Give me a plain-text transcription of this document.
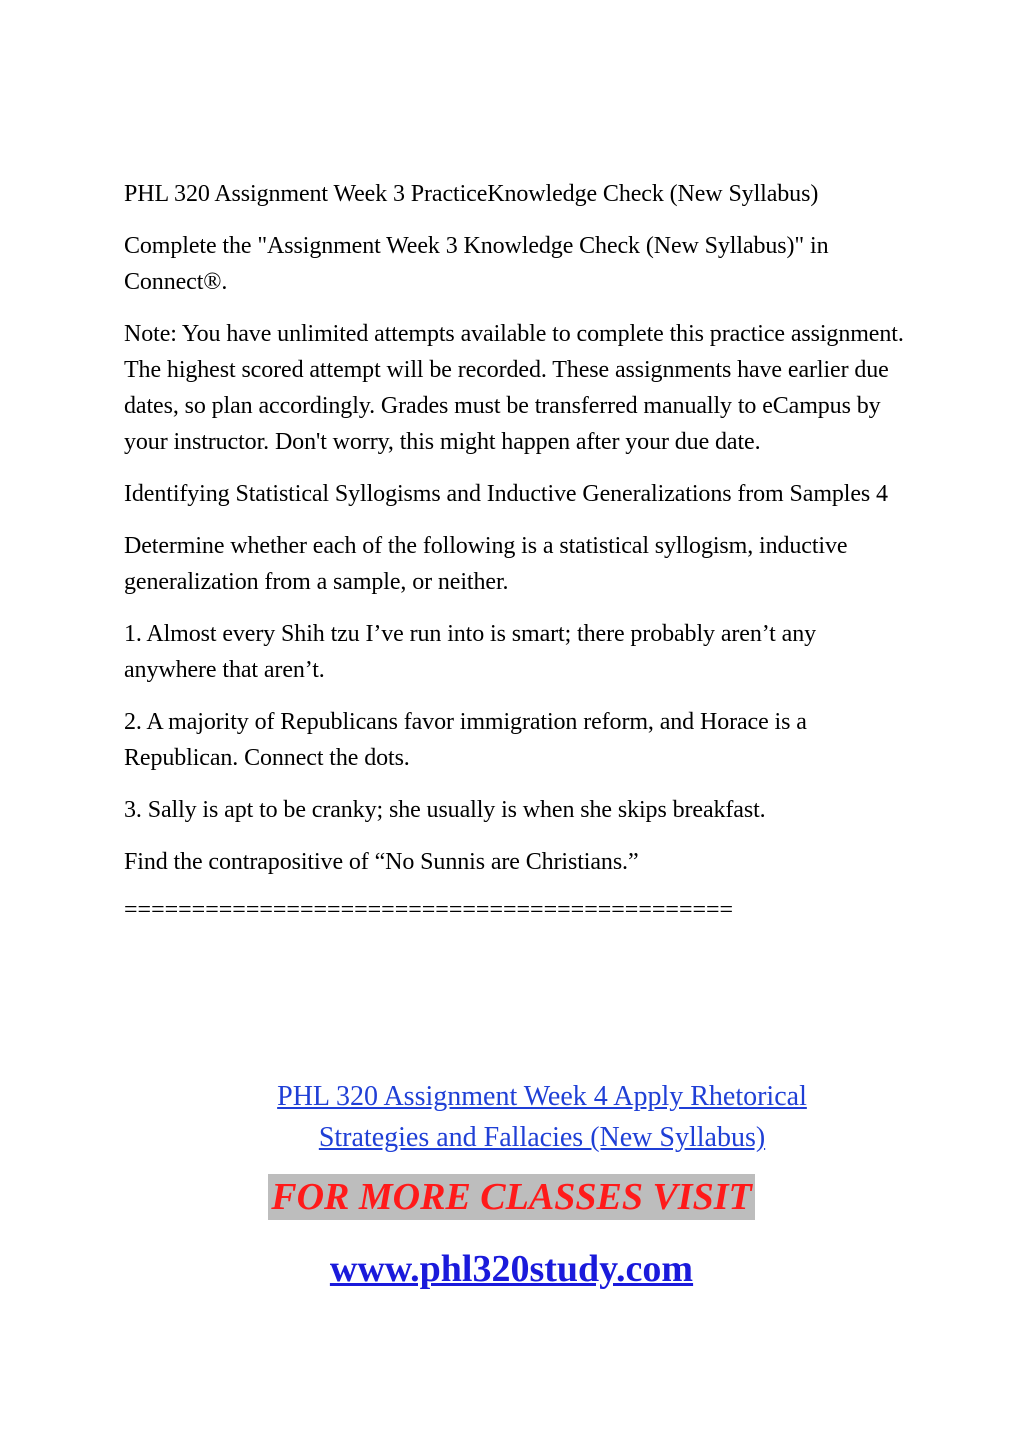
PHL 320 Assignment Week 3 PracticeKnowledge Check (New Syllabus)

Complete the "Assignment Week 3 Knowledge Check (New Syllabus)" in Connect®.

Note: You have unlimited attempts available to complete this practice assignment. The highest scored attempt will be recorded. These assignments have earlier due dates, so plan accordingly. Grades must be transferred manually to eCampus by your instructor. Don't worry, this might happen after your due date.

Identifying Statistical Syllogisms and Inductive Generalizations from Samples 4

Determine whether each of the following is a statistical syllogism, inductive generalization from a sample, or neither.

1. Almost every Shih tzu I’ve run into is smart; there probably aren’t any anywhere that aren’t.

2. A majority of Republicans favor immigration reform, and Horace is a Republican. Connect the dots.

3. Sally is apt to be cranky; she usually is when she skips breakfast.

Find the contrapositive of “No Sunnis are Christians.”

=============================================

PHL 320 Assignment Week 4 Apply Rhetorical Strategies and Fallacies (New Syllabus)
FOR MORE CLASSES VISIT
www.phl320study.com
